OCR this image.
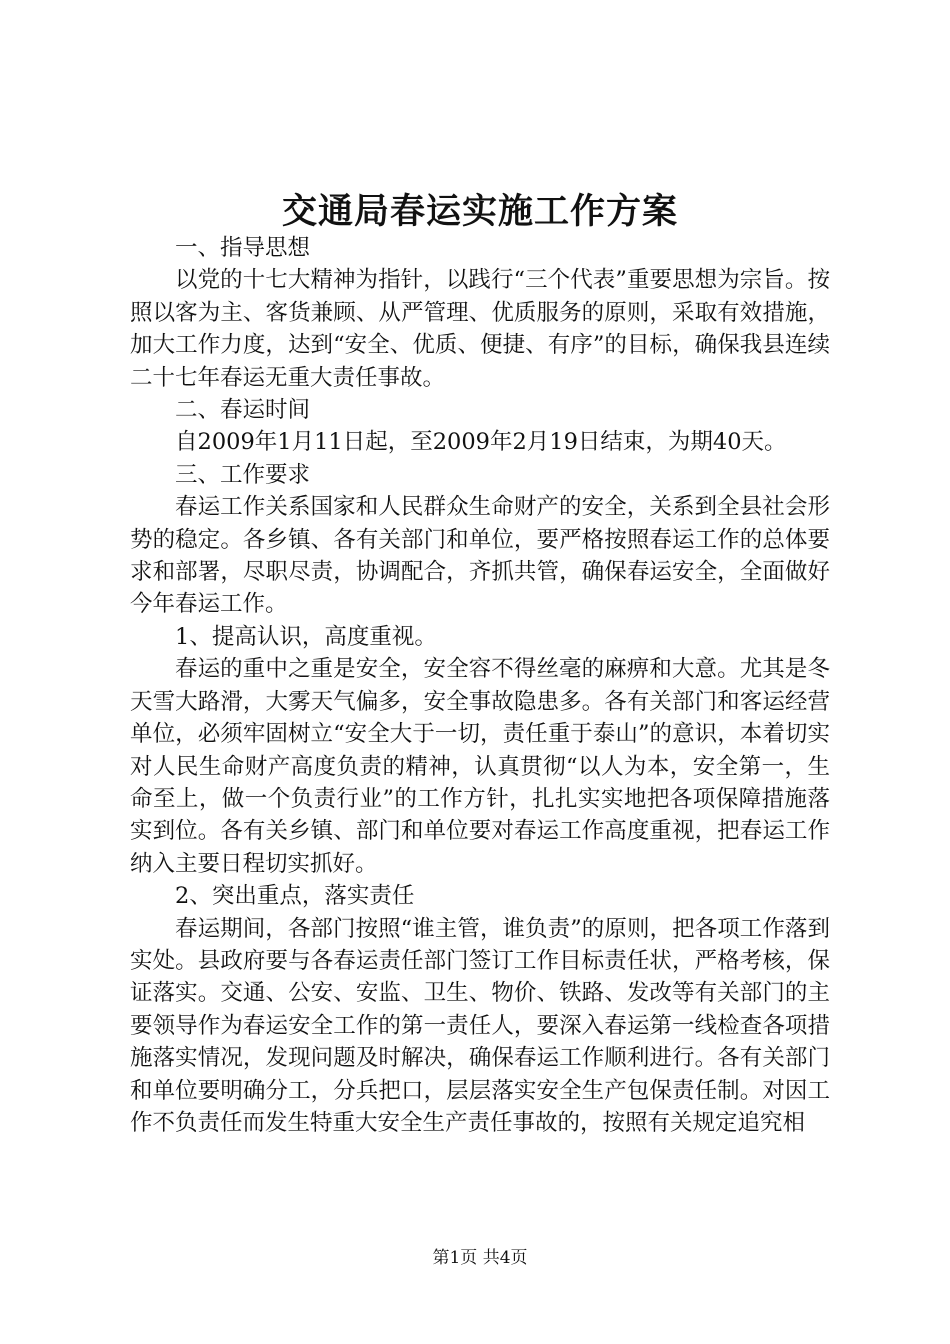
交通局春运实施工作方案

一、指导思想

以党的十七大精神为指针，以践行“三个代表”重要思想为宗旨。按照以客为主、客货兼顾、从严管理、优质服务的原则，采取有效措施，加大工作力度，达到“安全、优质、便捷、有序”的目标，确保我县连续二十七年春运无重大责任事故。

二、春运时间

自2009年1月11日起，至2009年2月19日结束，为期40天。

三、工作要求

春运工作关系国家和人民群众生命财产的安全，关系到全县社会形势的稳定。各乡镇、各有关部门和单位，要严格按照春运工作的总体要求和部署，尽职尽责，协调配合，齐抓共管，确保春运安全，全面做好今年春运工作。

1、提高认识，高度重视。

春运的重中之重是安全，安全容不得丝毫的麻痹和大意。尤其是冬天雪大路滑，大雾天气偏多，安全事故隐患多。各有关部门和客运经营单位，必须牢固树立“安全大于一切，责任重于泰山”的意识，本着切实对人民生命财产高度负责的精神，认真贯彻“以人为本，安全第一，生命至上，做一个负责行业”的工作方针，扎扎实实地把各项保障措施落实到位。各有关乡镇、部门和单位要对春运工作高度重视，把春运工作纳入主要日程切实抓好。

2、突出重点，落实责任

春运期间，各部门按照“谁主管，谁负责”的原则，把各项工作落到实处。县政府要与各春运责任部门签订工作目标责任状，严格考核，保证落实。交通、公安、安监、卫生、物价、铁路、发改等有关部门的主要领导作为春运安全工作的第一责任人，要深入春运第一线检查各项措施落实情况，发现问题及时解决，确保春运工作顺利进行。各有关部门和单位要明确分工，分兵把口，层层落实安全生产包保责任制。对因工作不负责任而发生特重大安全生产责任事故的，按照有关规定追究相

第1页 共4页
